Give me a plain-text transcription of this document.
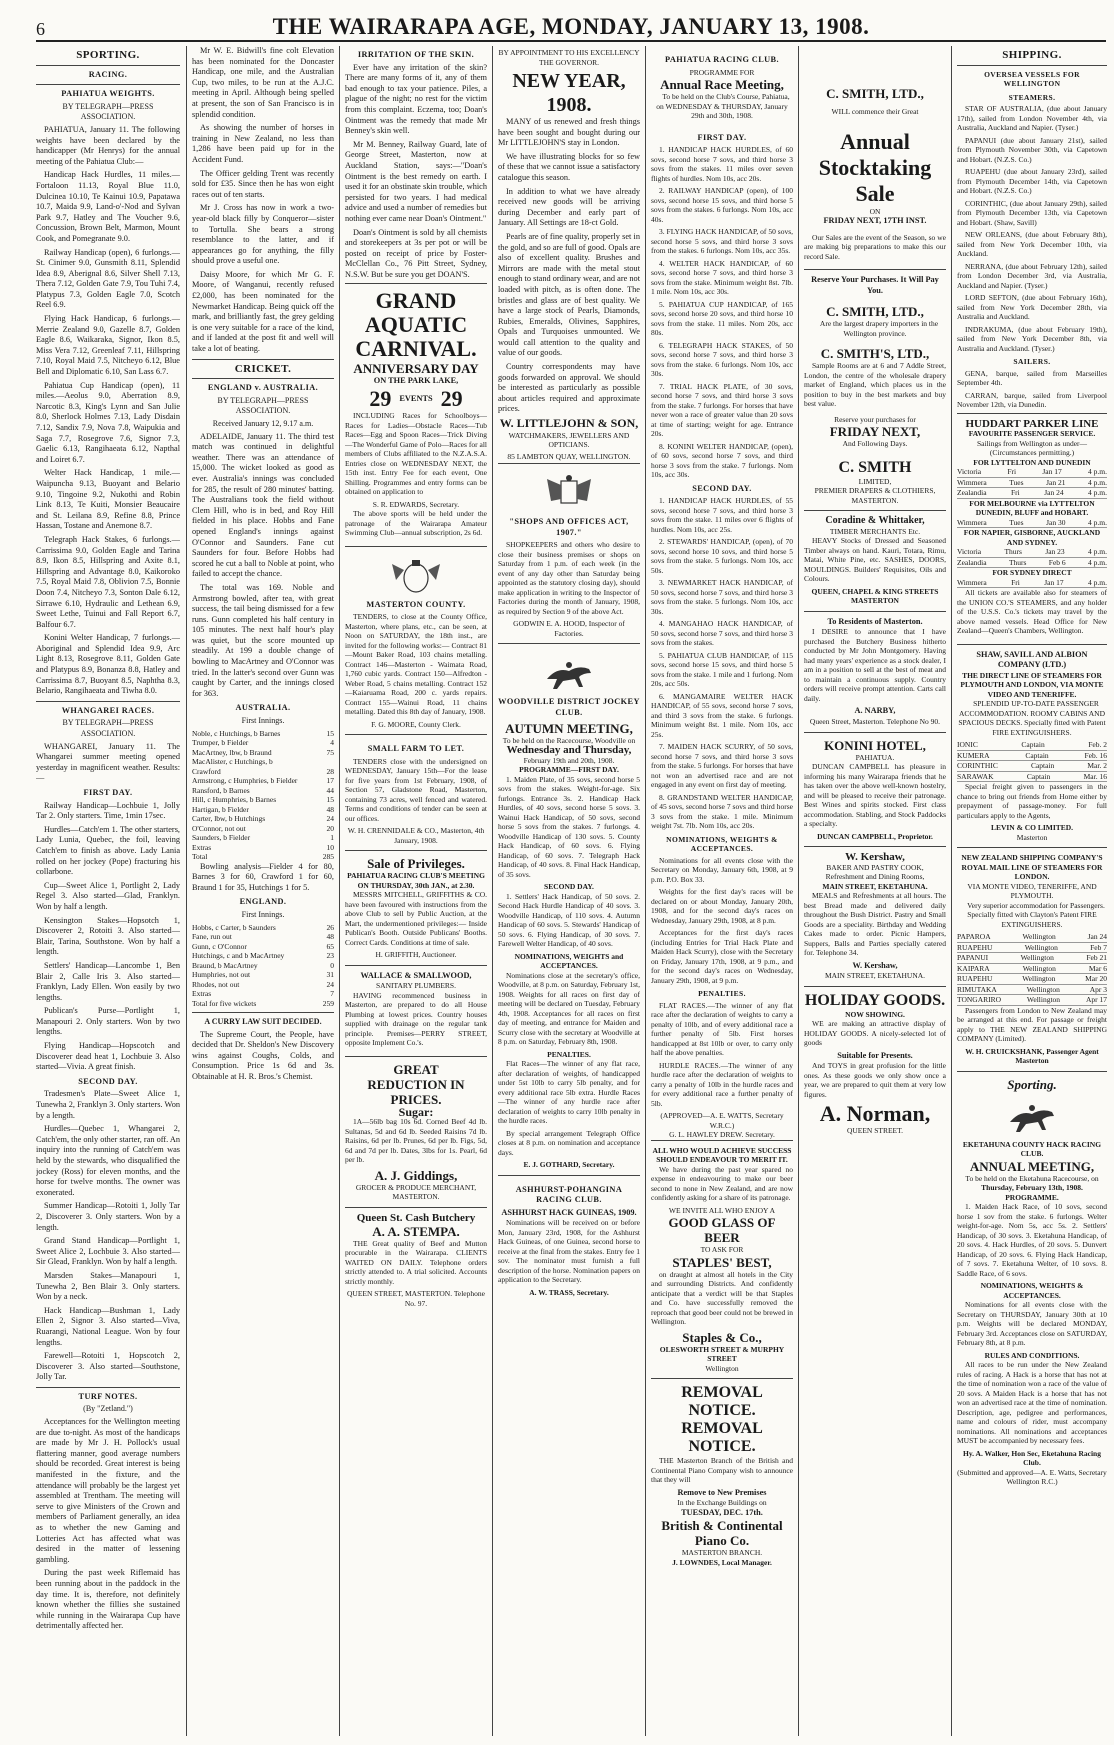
6	THE WAIRARAPA AGE, MONDAY, JANUARY 13, 1908.
SPORTING.
RACING.
PAHIATUA WEIGHTS.
BY TELEGRAPH—PRESS ASSOCIATION.

PAHIATUA, January 11. The following weights have been declared by the handicapper (Mr Henrys) for the annual meeting of the Pahiatua Club:—

Handicap Hack Hurdles, 11 miles.—Fortaloon 11.13, Royal Blue 11.0, Dulcinea 10.10, Te Kainui 10.9, Papatawa 10.7, Maida 9.9, Land-o'-Nod and Sylvan Park 9.7, Hatley and The Voucher 9.6, Concussion, Brown Belt, Marmon, Mount Cook, and Pomegranate 9.0.

Railway Handicap (open), 6 furlongs.—St. Cinimer 9.0, Gunsmith 8.11, Splendid Idea 8.9, Aberignal 8.6, Silver Shell 7.13, Thera 7.12, Golden Gate 7.9, Tou Tuhi 7.4, Platypus 7.3, Golden Eagle 7.0, Scotch Reel 6.9.

Flying Hack Handicap, 6 furlongs.—Merrie Zealand 9.0, Gazelle 8.7, Golden Eagle 8.6, Waikaraka, Signor, Ikon 8.5, Miss Vera 7.12, Greenleaf 7.11, Hillspring 7.10, Royal Maid 7.5, Nitcheyo 6.12, Blue Bell and Diplomatic 6.10, San Lass 6.7.

Pahiatua Cup Handicap (open), 11 miles.—Aeolus 9.0, Aberration 8.9, Narcotic 8.3, King's Lynn and San Julie 8.0, Sherlock Holmes 7.13, Lady Disdain 7.12, Sandix 7.9, Nova 7.8, Waipukia and Saga 7.7, Rosegrove 7.6, Signor 7.3, Gaelic 6.13, Rangihaeata 6.12, Napthal and Loiret 6.7.

Welter Hack Handicap, 1 mile.—Waipuncha 9.13, Buoyant and Belario 9.10, Tingoine 9.2, Nukothi and Robin Link 8.13, Te Kuiti, Monsier Beaucaire and St. Leilana 8.9, Refine 8.8, Prince Hassan, Tostane and Anemone 8.7.

Telegraph Hack Stakes, 6 furlongs.—Carrissima 9.0, Golden Eagle and Tarina 8.9, Ikon 8.5, Hillspring and Axite 8.1, Hillspring and Advantage 8.0, Kaikoroko 7.5, Royal Maid 7.8, Oblivion 7.5, Bonnie Doon 7.4, Nitcheyo 7.3, Sonton Dale 6.12, Sirrawe 6.10, Hydraulic and Lethean 6.9, Sweet Lethe, Tuinui and Fall Report 6.7, Balfour 6.7.

Konini Welter Handicap, 7 furlongs.—Aboriginal and Splendid Idea 9.9, Arc Light 8.13, Rosegrove 8.11, Golden Gate and Platypus 8.9, Bonanza 8.8, Hatley and Carrissima 8.7, Buoyant 8.5, Naphtha 8.3, Belario, Rangihaeata and Tiwha 8.0.

WHANGAREI RACES.
BY TELEGRAPH—PRESS ASSOCIATION.

WHANGAREI, January 11. The Whangarei summer meeting opened yesterday in magnificent weather. Results:—

FIRST DAY.

Railway Handicap—Lochbuie 1, Jolly Tar 2. Only starters. Time, 1min 17sec.

Hurdles—Catch'em 1. The other starters, Lady Lunia, Quebec, the foil, leaving Catch'em to finish as above. Lady Lania rolled on her jockey (Pope) fracturing his collarbone.

Cup—Sweet Alice 1, Portlight 2, Lady Regel 3. Also started—Glad, Franklyn. Won by half a length.

Kensington Stakes—Hopsotch 1, Discoverer 2, Rotoiti 3. Also started—Blair, Tarina, Southstone. Won by half a length.

Settlers' Handicap—Lancombe 1, Ben Blair 2, Calle Iris 3. Also started—Franklyn, Lady Ellen. Won easily by two lengths.

Publican's Purse—Portlight 1, Manapouri 2. Only starters. Won by two lengths.

Flying Handicap—Hopscotch and Discoverer dead heat 1, Lochbuie 3. Also started—Vivia. A great finish.

SECOND DAY.

Tradesmen's Plate—Sweet Alice 1, Tunewha 2, Franklyn 3. Only starters. Won by a length.

Hurdles—Quebec 1, Whangarei 2, Catch'em, the only other starter, ran off. An inquiry into the running of Catch'em was held by the stewards, who disqualified the jockey (Ross) for eleven months, and the horse for twelve months. The owner was exonerated.

Summer Handicap—Rotoiti 1, Jolly Tar 2, Discoverer 3. Only starters. Won by a length.

Grand Stand Handicap—Portlight 1, Sweet Alice 2, Lochbuie 3. Also started—Sir Glead, Franklyn. Won by half a length.

Marsden Stakes—Manapouri 1, Tunewha 2, Ben Blair 3. Only starters. Won by a neck.

Hack Handicap—Bushman 1, Lady Ellen 2, Signor 3. Also started—Viva, Ruarangi, National League. Won by four lengths.

Farewell—Rotoiti 1, Hopscotch 2, Discoverer 3. Also started—Southstone, Jolly Tar.

TURF NOTES.
(By "Zetland.")

Acceptances for the Wellington meeting are due to-night. As most of the handicaps are made by Mr J. H. Pollock's usual flattering manner, good average numbers should be recorded. Great interest is being manifested in the fixture, and the attendance will probably be the largest yet assembled at Trentham. The meeting will serve to give Ministers of the Crown and members of Parliament generally, an idea as to whether the new Gaming and Lotteries Act has affected what was desired in the matter of lessening gambling.

During the past week Riflemaid has been running about in the paddock in the day time. It is, therefore, not definitely known whether the fillies she sustained while running in the Wairarapa Cup have detrimentally affected her.

Mr W. E. Bidwill's fine colt Elevation has been nominated for the Doncaster Handicap, one mile, and the Australian Cup, two miles, to be run at the A.J.C. meeting in April. Although being spelled at present, the son of San Francisco is in splendid condition.

As showing the number of horses in training in New Zealand, no less than 1,286 have been paid up for in the Accident Fund.

The Officer gelding Trent was recently sold for £35. Since then he has won eight races out of ten starts.

Mr J. Cross has now in work a two-year-old black filly by Conqueror—sister to Tortulla. She bears a strong resemblance to the latter, and if appearances go for anything, the filly should prove a useful one.

Daisy Moore, for which Mr G. F. Moore, of Wanganui, recently refused £2,000, has been nominated for the Newmarket Handicap. Being quick off the mark, and brilliantly fast, the grey gelding is one very suitable for a race of the kind, and if landed at the post fit and well will take a lot of beating.

CRICKET.
ENGLAND v. AUSTRALIA.
BY TELEGRAPH—PRESS ASSOCIATION.
Received January 12, 9.17 a.m.

ADELAIDE, January 11. The third test match was continued in delightful weather. There was an attendance of 15,000. The wicket looked as good as ever. Australia's innings was concluded for 285, the result of 280 minutes' batting. The Australians took the field without Clem Hill, who is in bed, and Roy Hill fielded in his place. Hobbs and Fane opened England's innings against O'Connor and Saunders. Fane cut Saunders for four. Before Hobbs had scored he cut a ball to Noble at point, who failed to accept the chance.

The total was 169. Noble and Armstrong bowled, after tea, with great success, the tail being dismissed for a few runs. Gunn completed his half century in 105 minutes. The next half hour's play was quiet, but the score mounted up steadily. At 199 a double change of bowling to MacArtney and O'Connor was tried. In the latter's second over Gunn was caught by Carter, and the innings closed for 363.

AUSTRALIA.
First Innings.
Noble, c Hutchings, b Barnes	15
Trumper, b Fielder	4
MacArtney, lbw, b Braund	75
MacAlister, c Hutchings, b
Crawford	28
Armstrong, c Humphries, b Fielder	17
Ransford, b Barnes	44
Hill, c Humphries, b Barnes	15
Hartigan, b Fielder	48
Carter, lbw, b Hutchings	24
O'Connor, not out	20
Saunders, b Fielder	1
Extras	10
Total	285

Bowling analysis—Fielder 4 for 80, Barnes 3 for 60, Crawford 1 for 60, Braund 1 for 35, Hutchings 1 for 5.

ENGLAND.
First Innings.
Hobbs, c Carter, b Saunders	26
Fane, run out	48
Gunn, c O'Connor	65
Hutchings, c and b MacArtney	23
Braund, b MacArtney	0
Humphries, not out	31
Rhodes, not out	24
Extras	7
Total for five wickets	259
A CURRY LAW SUIT DECIDED.

The Supreme Court, the People, have decided that Dr. Sheldon's New Discovery wins against Coughs, Colds, and Consumption. Price 1s 6d and 3s. Obtainable at H. R. Bros.'s Chemist.

IRRITATION OF THE SKIN.

Ever have any irritation of the skin? There are many forms of it, any of them bad enough to tax your patience. Piles, a plague of the night; no rest for the victim from this complaint. Eczema, too; Doan's Ointment was the remedy that made Mr Benney's skin well.

Mr M. Benney, Railway Guard, late of George Street, Masterton, now at Auckland Station, says:—"Doan's Ointment is the best remedy on earth. I used it for an obstinate skin trouble, which persisted for two years. I had medical advice and used a number of remedies but nothing ever came near Doan's Ointment."

Doan's Ointment is sold by all chemists and storekeepers at 3s per pot or will be posted on receipt of price by Foster-McClellan Co., 76 Pitt Street, Sydney, N.S.W. But be sure you get DOAN'S.

GRAND
AQUATIC
CARNIVAL.
ANNIVERSARY DAY
ON THE PARK LAKE,
29 EVENTS 29

INCLUDING Races for Schoolboys—Races for Ladies—Obstacle Races—Tub Races—Egg and Spoon Races—Trick Diving—The Wonderful Game of Polo—Races for all members of Clubs affiliated to the N.Z.A.S.A. Entries close on WEDNESDAY NEXT, the 15th inst. Entry Fee for each event, One Shilling. Programmes and entry forms can be obtained on application to

S. R. EDWARDS, Secretary.

The above sports will be held under the patronage of the Wairarapa Amateur Swimming Club—annual subscription, 2s 6d.

MASTERTON COUNTY.

TENDERS, to close at the County Office, Masterton, where plans, etc., can be seen, at Noon on SATURDAY, the 18th inst., are invited for the following works:— Contract 81—Mount Baker Road, 103 chains metalling. Contract 146—Masterton - Waimata Road, 1,760 cubic yards. Contract 150—Alfredton - Weber Road, 5 chains metalling. Contract 152—Kaiaruama Road, 200 c. yards repairs. Contract 155—Wainui Road, 11 chains metalling. Dated this 8th day of January, 1908.

F. G. MOORE, County Clerk.
SMALL FARM TO LET.

TENDERS close with the undersigned on WEDNESDAY, January 15th—For the lease for five years from 1st February, 1908, of Section 57, Gladstone Road, Masterton, containing 73 acres, well fenced and watered. Terms and conditions of tender can be seen at our offices.

W. H. CRENNIDALE & CO., Masterton, 4th January, 1908.
Sale of Privileges.
PAHIATUA RACING CLUB'S MEETING ON THURSDAY, 30th JAN., at 2.30.

MESSRS MITCHELL, GRIFFITHS & CO. have been favoured with instructions from the above Club to sell by Public Auction, at the Mart, the undermentioned privileges:— Inside Publican's Booth. Outside Publicans' Booths. Correct Cards. Conditions at time of sale.

H. GRIFFITH, Auctioneer.
WALLACE & SMALLWOOD,
SANITARY PLUMBERS.

HAVING recommenced business in Masterton, are prepared to do all House Plumbing at lowest prices. Country houses supplied with drainage on the regular tank principle. Premises—PERRY STREET, opposite Implement Co.'s.

GREAT
REDUCTION IN PRICES.
Sugar:

1A—56lb bag 10s 6d. Corned Beef 4d lb. Sultanas, 5d and 6d lb. Seeded Raisins 7d lb. Raisins, 6d per lb. Prunes, 6d per lb. Figs, 5d, 6d and 7d per lb. Dates, 3lbs for 1s. Pearl, 6d per lb.

A. J. Giddings,
GROCER & PRODUCE MERCHANT, MASTERTON.
Queen St. Cash Butchery
A. A. STEMPA.

THE Great quality of Beef and Mutton procurable in the Wairarapa. CLIENTS WAITED ON DAILY. Telephone orders strictly attended to. A trial solicited. Accounts strictly monthly.

QUEEN STREET, MASTERTON. Telephone No. 97.
BY APPOINTMENT TO HIS EXCELLENCY THE GOVERNOR.
NEW YEAR, 1908.

MANY of us renewed and fresh things have been sought and bought during our Mr LITTLEJOHN'S stay in London.

We have illustrating blocks for so few of these that we cannot issue a satisfactory catalogue this season.

In addition to what we have already received new goods will be arriving during December and early part of January. All Settings are 18-ct Gold.

Pearls are of fine quality, properly set in the gold, and so are full of good. Opals are also of excellent quality. Brushes and Mirrors are made with the metal stout enough to stand ordinary wear, and are not loaded with pitch, as is often done. The bristles and glass are of best quality. We have a large stock of Pearls, Diamonds, Rubies, Emeralds, Olivines, Sapphires, Opals and Turquoises unmounted. We would call attention to the quality and value of our goods.

Country correspondents may have goods forwarded on approval. We should be interested as particularly as possible about articles required and approximate prices.

W. LITTLEJOHN & SON,
WATCHMAKERS, JEWELLERS AND OPTICIANS.
85 LAMBTON QUAY, WELLINGTON.
"SHOPS AND OFFICES ACT, 1907."

SHOPKEEPERS and others who desire to close their business premises or shops on Saturday from 1 p.m. of each week (in the event of any day other than Saturday being appointed as the statutory closing day), should make application in writing to the Inspector of Factories during the month of January, 1908, as required by Section 9 of the above Act.

GODWIN E. A. HOOD, Inspector of Factories.
WOODVILLE DISTRICT JOCKEY CLUB.
AUTUMN MEETING,
To be held on the Racecourse, Woodville on
Wednesday and Thursday,
February 19th and 20th, 1908.
PROGRAMME—FIRST DAY.

1. Maiden Plate, of 35 sovs, second horse 5 sovs from the stakes. Weight-for-age. Six furlongs. Entrance 3s. 2. Handicap Hack Hurdles, of 40 sovs, second horse 5 sovs. 3. Wainui Hack Handicap, of 50 sovs, second horse 5 sovs from the stakes. 7 furlongs. 4. Woodville Handicap of 130 sovs. 5. County Hack Handicap, of 60 sovs. 6. Flying Handicap, of 60 sovs. 7. Telegraph Hack Handicap, of 40 sovs. 8. Final Hack Handicap, of 35 sovs.

SECOND DAY.

1. Settlers' Hack Handicap, of 50 sovs. 2. Second Hack Hurdle Handicap of 40 sovs. 3. Woodville Handicap, of 110 sovs. 4. Autumn Handicap of 60 sovs. 5. Stewards' Handicap of 50 sovs. 6. Flying Handicap, of 30 sovs. 7. Farewell Welter Handicap, of 40 sovs.

NOMINATIONS, WEIGHTS and ACCEPTANCES.

Nominations close at the secretary's office, Woodville, at 8 p.m. on Saturday, February 1st, 1908. Weights for all races on first day of meeting will be declared on Tuesday, February 4th, 1908. Acceptances for all races on first day of meeting, and entrance for Maiden and Scurry close with the secretary at Woodville at 8 p.m. on Saturday, February 8th, 1908.

PENALTIES.

Flat Races—The winner of any flat race, after declaration of weights, of handicapped under 5st 10lb to carry 5lb penalty, and for every additional race 5lb extra. Hurdle Races—The winner of any hurdle race after declaration of weights to carry 10lb penalty in the hurdle races.

By special arrangement Telegraph Office closes at 8 p.m. on nomination and acceptance days.

E. J. GOTHARD, Secretary.
ASHHURST-POHANGINA RACING CLUB.
ASHHURST HACK GUINEAS, 1909.

Nominations will be received on or before Mon, January 23rd, 1908, for the Ashhurst Hack Guineas, of one Guinea, second horse to receive at the final from the stakes. Entry fee 1 sov. The nominator must furnish a full description of the horse. Nomination papers on application to the Secretary.

A. W. TRASS, Secretary.
PAHIATUA RACING CLUB.
PROGRAMME FOR
Annual Race Meeting,

To be held on the Club's Course, Pahiatua, on WEDNESDAY & THURSDAY, January 29th and 30th, 1908.

FIRST DAY.

1. HANDICAP HACK HURDLES, of 60 sovs, second horse 7 sovs, and third horse 3 sovs from the stakes. 11 miles over seven flights of hurdles. Nom 10s, acc 20s.

2. RAILWAY HANDICAP (open), of 100 sovs, second horse 15 sovs, and third horse 5 sovs from the stakes. 6 furlongs. Nom 10s, acc 40s.

3. FLYING HACK HANDICAP, of 50 sovs, second horse 5 sovs, and third horse 3 sovs from the stakes. 6 furlongs. Nom 10s, acc 35s.

4. WELTER HACK HANDICAP, of 60 sovs, second horse 7 sovs, and third horse 3 sovs from the stake. Minimum weight 8st. 7lb. 1 mile. Nom 10s, acc 30s.

5. PAHIATUA CUP HANDICAP, of 165 sovs, second horse 20 sovs, and third horse 10 sovs from the stake. 11 miles. Nom 20s, acc 80s.

6. TELEGRAPH HACK STAKES, of 50 sovs, second horse 7 sovs, and third horse 3 sovs from the stake. 6 furlongs. Nom 10s, acc 30s.

7. TRIAL HACK PLATE, of 30 sovs, second horse 7 sovs, and third horse 3 sovs from the stake. 7 furlongs. For horses that have never won a race of greater value than 20 sovs at time of starting; weight for age. Entrance 20s.

8. KONINI WELTER HANDICAP, (open), of 60 sovs, second horse 7 sovs, and third horse 3 sovs from the stake. 7 furlongs. Nom 10s, acc 30s.

SECOND DAY.

1. HANDICAP HACK HURDLES, of 55 sovs, second horse 7 sovs, and third horse 3 sovs from the stake. 11 miles over 6 flights of hurdles. Nom 10s, acc 25s.

2. STEWARDS' HANDICAP, (open), of 70 sovs, second horse 10 sovs, and third horse 5 sovs from the stake. 5 furlongs. Nom 10s, acc 50s.

3. NEWMARKET HACK HANDICAP, of 50 sovs, second horse 7 sovs, and third horse 3 sovs from the stake. 5 furlongs. Nom 10s, acc 30s.

4. MANGAHAO HACK HANDICAP, of 50 sovs, second horse 7 sovs, and third horse 3 sovs from the stakes.

5. PAHIATUA CLUB HANDICAP, of 115 sovs, second horse 15 sovs, and third horse 5 sovs from the stake. 1 mile and 1 furlong. Nom 20s, acc 50s.

6. MANGAMAIRE WELTER HACK HANDICAP, of 55 sovs, second horse 7 sovs, and third 3 sovs from the stake. 6 furlongs. Minimum weight 8st. 1 mile. Nom 10s, acc 25s.

7. MAIDEN HACK SCURRY, of 50 sovs, second horse 7 sovs, and third horse 3 sovs from the stake. 5 furlongs. For horses that have not won an advertised race and are not engaged in any event on first day of meeting.

8. GRANDSTAND WELTER HANDICAP, of 45 sovs, second horse 7 sovs and third horse 3 sovs from the stake. 1 mile. Minimum weight 7st. 7lb. Nom 10s, acc 20s.

NOMINATIONS, WEIGHTS & ACCEPTANCES.

Nominations for all events close with the Secretary on Monday, January 6th, 1908, at 9 p.m. P.O. Box 33.

Weights for the first day's races will be declared on or about Monday, January 20th, 1908, and for the second day's races on Wednesday, January 29th, 1908, at 8 p.m.

Acceptances for the first day's races (including Entries for Trial Hack Plate and Maiden Hack Scurry), close with the Secretary on Friday, January 17th, 1908, at 9 p.m., and for the second day's races on Wednesday, January 29th, 1908, at 9 p.m.

PENALTIES.

FLAT RACES.—The winner of any flat race after the declaration of weights to carry a penalty of 10lb, and of every additional race a further penalty of 5lb. First horses handicapped at 8st 10lb or over, to carry only half the above penalties.

HURDLE RACES.—The winner of any hurdle race after the declaration of weights to carry a penalty of 10lb in the hurdle races and for every additional race a further penalty of 5lb.

(APPROVED—A. E. WATTS, Secretary W.R.C.)
G. L. HAWLEY DREW. Secretary.
ALL WHO WOULD ACHIEVE SUCCESS SHOULD ENDEAVOUR TO MERIT IT.

We have during the past year spared no expense in endeavouring to make our beer second to none in New Zealand, and are now confidently asking for a share of its patronage.

WE INVITE ALL WHO ENJOY A
GOOD GLASS OF BEER
TO ASK FOR
STAPLES' BEST,

on draught at almost all hotels in the City and surrounding Districts. And confidently anticipate that a verdict will be that Staples and Co. have successfully removed the reproach that good beer could not be brewed in Wellington.

Staples & Co.,
OLESWORTH STREET & MURPHY STREET
Wellington
REMOVAL NOTICE.
REMOVAL NOTICE.

THE Masterton Branch of the British and Continental Piano Company wish to announce that they will

Remove to New Premises
In the Exchange Buildings on
TUESDAY, DEC. 17th.
British & Continental Piano Co.
MASTERTON BRANCH.
J. LOWNDES, Local Manager.
C. SMITH, LTD.,
WILL commence their Great
Annual Stocktaking
Sale
ON
FRIDAY NEXT, 17TH INST.

Our Sales are the event of the Season, so we are making big preparations to make this our record Sale.

Reserve Your Purchases. It Will Pay You.
C. SMITH, LTD.,

Are the largest drapery importers in the Wellington province.

C. SMITH'S, LTD.,

Sample Rooms are at 6 and 7 Addle Street, London, the centre of the wholesale drapery market of England, which places us in the position to buy in the best markets and buy best value.

Reserve your purchases for
FRIDAY NEXT,
And Following Days.
C. SMITH
LIMITED,
PREMIER DRAPERS & CLOTHIERS, MASTERTON.
Coradine & Whittaker,
TIMBER MERCHANTS Etc.

HEAVY Stocks of Dressed and Seasoned Timber always on hand. Kauri, Totara, Rimu, Matai, White Pine, etc. SASHES, DOORS, MOULDINGS. Builders' Requisites, Oils and Colours.

QUEEN, CHAPEL & KING STREETS MASTERTON
To Residents of Masterton.

I DESIRE to announce that I have purchased the Butchery Business hitherto conducted by Mr John Montgomery. Having had many years' experience as a stock dealer, I am in a position to sell at the best of meat and to maintain a continuous supply. Country orders will receive prompt attention. Carts call daily.

A. NARBY,
Queen Street, Masterton. Telephone No 90.
KONINI HOTEL,
PAHIATUA.

DUNCAN CAMPBELL has pleasure in informing his many Wairarapa friends that he has taken over the above well-known hostelry, and will be pleased to receive their patronage. Best Wines and spirits stocked. First class accommodation. Stabling, and Stock Paddocks a specialty.

DUNCAN CAMPBELL, Proprietor.
W. Kershaw,
BAKER AND PASTRY COOK,
Refreshment and Dining Rooms,
MAIN STREET, EKETAHUNA.

MEALS and Refreshments at all hours. The best Bread made and delivered daily throughout the Bush District. Pastry and Small Goods are a speciality. Birthday and Wedding Cakes made to order. Picnic Hampers, Suppers, Balls and Parties specially catered for. Telephone 34.

W. Kershaw,
MAIN STREET, EKETAHUNA.
HOLIDAY GOODS.
NOW SHOWING.

WE are making an attractive display of HOLIDAY GOODS. A nicely-selected lot of goods

Suitable for Presents.

And TOYS in great profusion for the little ones. As these goods we only show once a year, we are prepared to quit them at very low figures.

A. Norman,
QUEEN STREET.
SHIPPING.
OVERSEA VESSELS FOR WELLINGTON
STEAMERS.

STAR OF AUSTRALIA, (due about January 17th), sailed from London November 4th, via Australia, Auckland and Napier. (Tyser.)

PAPANUI (due about January 21st), sailed from Plymouth November 30th, via Capetown and Hobart. (N.Z.S. Co.)

RUAPEHU (due about January 23rd), sailed from Plymouth December 14th, via Capetown and Hobart. (N.Z.S. Co.)

CORINTHIC, (due about January 29th), sailed from Plymouth December 13th, via Capetown and Hobart. (Shaw, Savill)

NEW ORLEANS, (due about February 8th), sailed from New York December 10th, via Auckland.

NERRANA, (due about February 12th), sailed from London December 3rd, via Australia, Auckland and Napier. (Tyser.)

LORD SEFTON, (due about February 16th), sailed from New York December 28th, via Australia and Auckland.

INDRAKUMA, (due about February 19th), sailed from New York December 8th, via Australia and Auckland. (Tyser.)

SAILERS.

GENA, barque, sailed from Marseilles September 4th.

CARRAN, barque, sailed from Liverpool November 12th, via Dunedin.

HUDDART PARKER LINE
FAVOURITE PASSENGER SERVICE.
Sailings from Wellington as under—(Circumstances permitting.)
FOR LYTTELTON AND DUNEDIN
Victoria	Fri	Jan 17	4 p.m.
Wimmera	Tues	Jan 21	4 p.m.
Zealandia	Fri	Jan 24	4 p.m.
FOR MELBOURNE via LYTTELTON DUNEDIN, BLUFF and HOBART.
Wimmera	Tues	Jan 30	4 p.m.
FOR NAPIER, GISBORNE, AUCKLAND AND SYDNEY.
Victoria	Thurs	Jan 23	4 p.m.
Zealandia	Thurs	Feb 6	4 p.m.
FOR SYDNEY DIRECT
Wimmera	Fri	Jan 17	4 p.m.

All tickets are available also for steamers of the UNION CO.'S STEAMERS, and any holder of the U.S.S. Co.'s tickets may travel by the above named vessels. Head Office for New Zealand—Queen's Chambers, Wellington.

SHAW, SAVILL AND ALBION COMPANY (LTD.)
THE DIRECT LINE OF STEAMERS FOR PLYMOUTH AND LONDON, VIA MONTE VIDEO AND TENERIFFE.

SPLENDID UP-TO-DATE PASSENGER ACCOMMODATION. ROOMY CABINS AND SPACIOUS DECKS. Specially fitted with Patent FIRE EXTINGUISHERS.

IONIC	Captain	Feb. 2
KUMERA	Captain	Feb. 16
CORINTHIC	Captain	Mar. 2
SARAWAK	Captain	Mar. 16

Special freight given to passengers in the chance to bring out friends from Home either by prepayment of passage-money. For full particulars apply to the Agents,

LEVIN & CO LIMITED.
Masterton
NEW ZEALAND SHIPPING COMPANY'S ROYAL MAIL LINE OF STEAMERS FOR LONDON.
VIA MONTE VIDEO, TENERIFFE, AND PLYMOUTH.

Very superior accommodation for Passengers. Specially fitted with Clayton's Patent FIRE EXTINGUISHERS.

PAPAROA	Wellington	Jan 24
RUAPEHU	Wellington	Feb 7
PAPANUI	Wellington	Feb 21
KAIPARA	Wellington	Mar 6
RUAPEHU	Wellington	Mar 20
RIMUTAKA	Wellington	Apr 3
TONGARIRO	Wellington	Apr 17

Passengers from London to New Zealand may be arranged at this end. For passage or freight apply to THE NEW ZEALAND SHIPPING COMPANY (Limited).

W. H. CRUICKSHANK, Passenger Agent Masterton
Sporting.
EKETAHUNA COUNTY HACK RACING CLUB.
ANNUAL MEETING,
To be held on the Eketahuna Racecourse, on
Thursday, February 13th, 1908.
PROGRAMME.

1. Maiden Hack Race, of 10 sovs, second horse 1 sov from the stake. 6 furlongs. Welter weight-for-age. Nom 5s, acc 5s. 2. Settlers' Handicap, of 30 sovs. 3. Eketahuna Handicap, of 20 sovs. 4. Hack Hurdles, of 20 sovs. 5. Dunvert Handicap, of 20 sovs. 6. Flying Hack Handicap, of 7 sovs. 7. Eketahuna Welter, of 10 sovs. 8. Saddle Race, of 6 sovs.

NOMINATIONS, WEIGHTS & ACCEPTANCES.

Nominations for all events close with the Secretary on THURSDAY, January 30th at 10 p.m. Weights will be declared MONDAY, February 3rd. Acceptances close on SATURDAY, February 8th, at 8 p.m.

RULES AND CONDITIONS.

All races to be run under the New Zealand rules of racing. A Hack is a horse that has not at the time of nomination won a race of the value of 20 sovs. A Maiden Hack is a horse that has not won an advertised race at the time of nomination. Description, age, pedigree and performances, name and colours of rider, must accompany nominations. All nominations and acceptances MUST be accompanied by necessary fees.

Hy. A. Walker, Hon Sec, Eketahuna Racing Club.
(Submitted and approved—A. E. Watts, Secretary Wellington R.C.)
